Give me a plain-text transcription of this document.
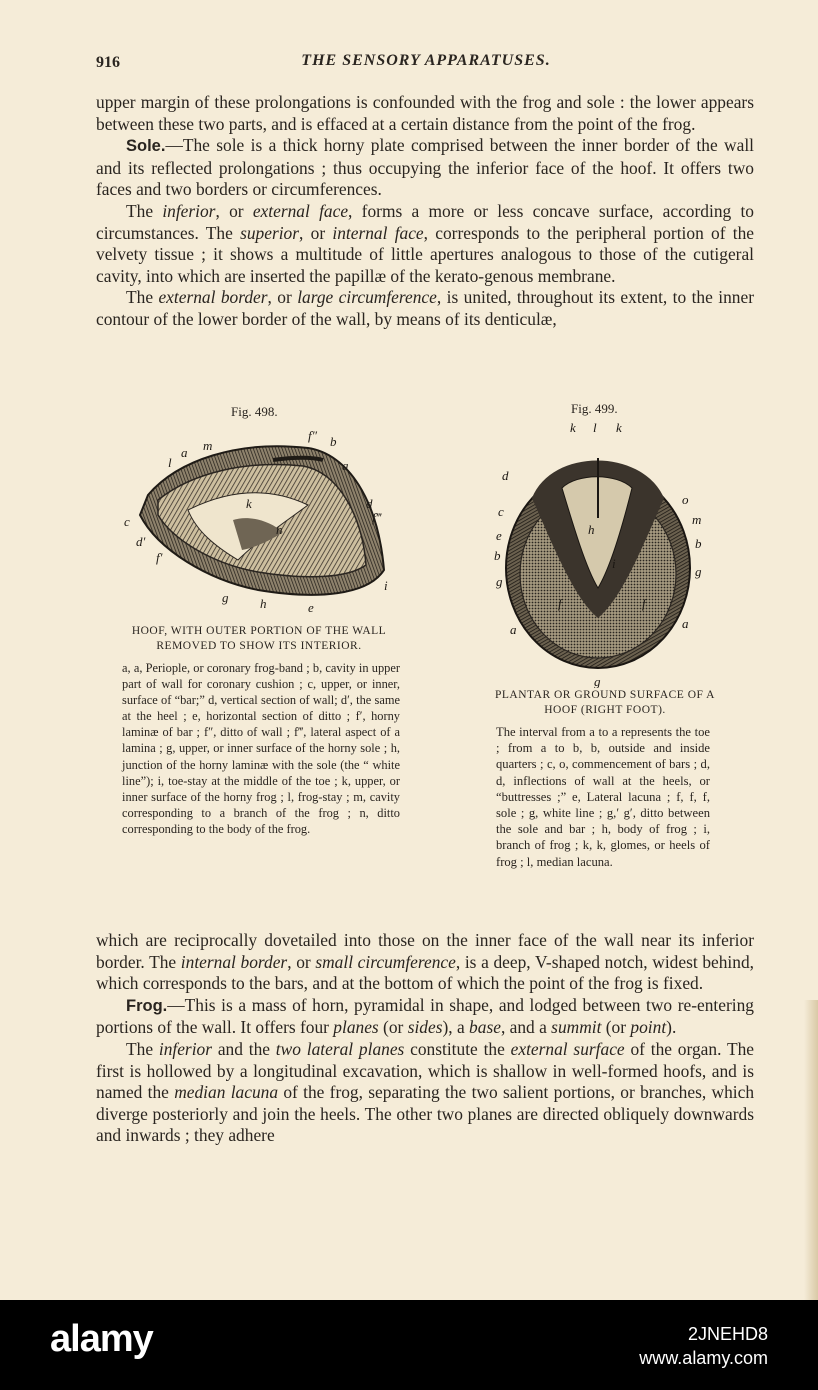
916	THE SENSORY APPARATUSES.

upper margin of these prolongations is confounded with the frog and sole : the lower appears between these two parts, and is effaced at a certain distance from the point of the frog.

Sole.—The sole is a thick horny plate comprised between the inner border of the wall and its reflected prolongations ; thus occupying the inferior face of the hoof. It offers two faces and two borders or circumferences.

The inferior, or external face, forms a more or less concave surface, according to circumstances. The superior, or internal face, corresponds to the peripheral portion of the velvety tissue ; it shows a multitude of little apertures analogous to those of the cutigeral cavity, into which are inserted the papillæ of the kerato-genous membrane.

The external border, or large circumference, is united, throughout its extent, to the inner contour of the lower border of the wall, by means of its denticulæ,

Fig. 498.
a m
l
f″ b
a
d
f‴
c
d′
f′
k
n
i
g h	e
HOOF, WITH OUTER PORTION OF THE WALL REMOVED TO SHOW ITS INTERIOR.
a, a, Periople, or coronary frog-band ; b, cavity in upper part of wall for coronary cushion ; c, upper, or inner, surface of “bar;” d, vertical section of wall; d′, the same at the heel ; e, horizontal section of ditto ; f′, horny laminæ of bar ; f″, ditto of wall ; f‴, lateral aspect of a lamina ; g, upper, or inner surface of the horny sole ; h, junction of the horny laminæ with the sole (the “ white line”); i, toe-stay at the middle of the toe ; k, upper, or inner surface of the horny frog ; l, frog-stay ; m, cavity corresponding to a branch of the frog ; n, ditto corresponding to the body of the frog.
Fig. 499.
k l k
d
o
c
m
e	h
b
b
g
g
a	a
g
f	f
i
PLANTAR OR GROUND SURFACE OF A HOOF (RIGHT FOOT).
The interval from a to a represents the toe ; from a to b, b, outside and inside quarters ; c, o, commencement of bars ; d, d, inflections of wall at the heels, or “buttresses ;” e, Lateral lacuna ; f, f, f, sole ; g, white line ; g,′ g′, ditto between the sole and bar ; h, body of frog ; i, branch of frog ; k, k, glomes, or heels of frog ; l, median lacuna.

which are reciprocally dovetailed into those on the inner face of the wall near its inferior border. The internal border, or small circumference, is a deep, V-shaped notch, widest behind, which corresponds to the bars, and at the bottom of which the point of the frog is fixed.

Frog.—This is a mass of horn, pyramidal in shape, and lodged between two re-entering portions of the wall. It offers four planes (or sides), a base, and a summit (or point).

The inferior and the two lateral planes constitute the external surface of the organ. The first is hollowed by a longitudinal excavation, which is shallow in well-formed hoofs, and is named the median lacuna of the frog, separating the two salient portions, or branches, which diverge posteriorly and join the heels. The other two planes are directed obliquely downwards and inwards ; they adhere

alamy	2JNEHD8
www.alamy.com
